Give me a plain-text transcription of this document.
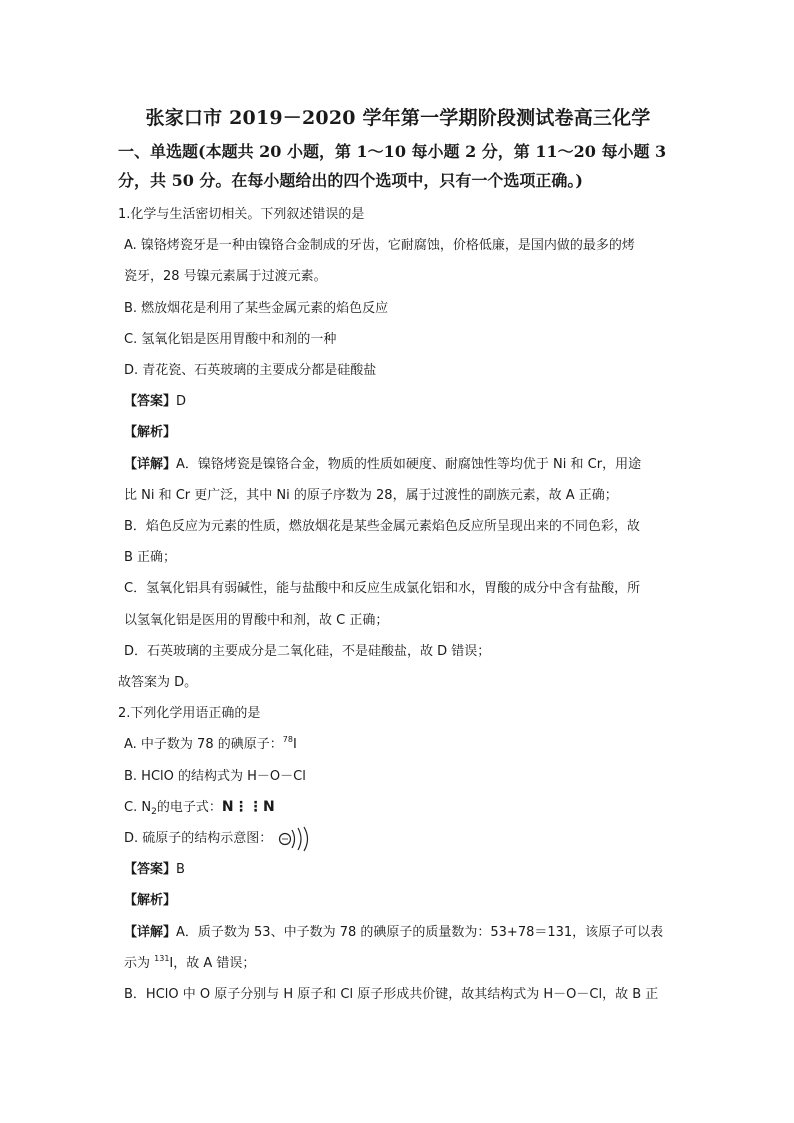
张家口市 2019－2020 学年第一学期阶段测试卷高三化学
一、单选题(本题共 20 小题，第 1～10 每小题 2 分，第 11～20 每小题 3 分，共 50 分。在每小题给出的四个选项中，只有一个选项正确。)
1.化学与生活密切相关。下列叙述错误的是
A. 镍铬烤瓷牙是一种由镍铬合金制成的牙齿，它耐腐蚀，价格低廉，是国内做的最多的烤
瓷牙，28 号镍元素属于过渡元素。
B. 燃放烟花是利用了某些金属元素的焰色反应
C. 氢氧化铝是医用胃酸中和剂的一种
D. 青花瓷、石英玻璃的主要成分都是硅酸盐
【答案】D
【解析】
【详解】A．镍铬烤瓷是镍铬合金，物质的性质如硬度、耐腐蚀性等均优于 Ni 和 Cr，用途
比 Ni 和 Cr 更广泛，其中 Ni 的原子序数为 28，属于过渡性的副族元素，故 A 正确；
B．焰色反应为元素的性质，燃放烟花是某些金属元素焰色反应所呈现出来的不同色彩，故
B 正确；
C．氢氧化铝具有弱碱性，能与盐酸中和反应生成氯化铝和水，胃酸的成分中含有盐酸，所
以氢氧化铝是医用的胃酸中和剂，故 C 正确；
D．石英玻璃的主要成分是二氧化硅，不是硅酸盐，故 D 错误；
故答案为 D。
2.下列化学用语正确的是
A. 中子数为 78 的碘原子：$^{78}$I
B. HClO 的结构式为 H－O－Cl
C. $N_2$的电子式：N⋮⋮N
D. 硫原子的结构示意图：
【答案】B
【解析】
【详解】A．质子数为 53、中子数为 78 的碘原子的质量数为：53+78＝131，该原子可以表
示为 $^{131}$I，故 A 错误；
B．HClO 中 O 原子分别与 H 原子和 Cl 原子形成共价键，故其结构式为 H－O－Cl，故 B 正
